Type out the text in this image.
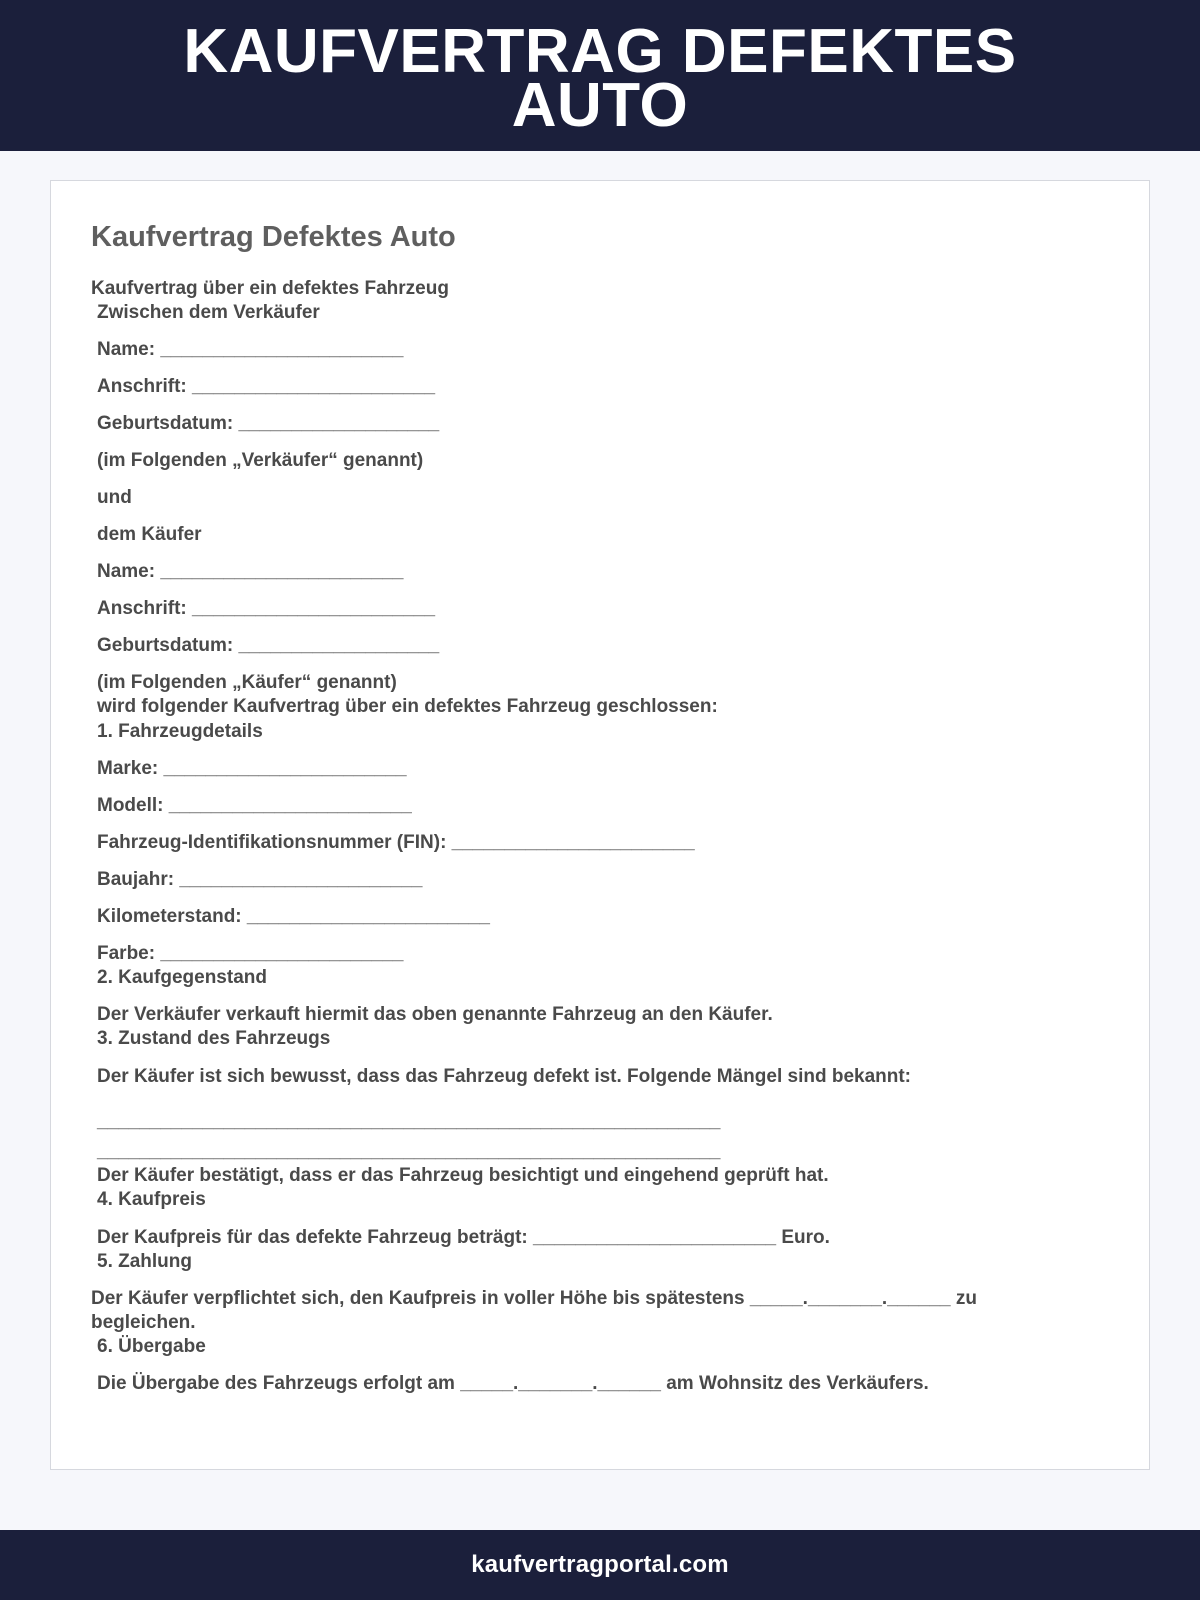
KAUFVERTRAG DEFEKTES AUTO
Kaufvertrag Defektes Auto
Kaufvertrag über ein defektes Fahrzeug
Zwischen dem Verkäufer
Name: _______________________
Anschrift: _______________________
Geburtsdatum: ___________________
(im Folgenden „Verkäufer“ genannt)
und
dem Käufer
Name: _______________________
Anschrift: _______________________
Geburtsdatum: ___________________
(im Folgenden „Käufer“ genannt)
wird folgender Kaufvertrag über ein defektes Fahrzeug geschlossen:
1. Fahrzeugdetails
Marke: _______________________
Modell: _______________________
Fahrzeug-Identifikationsnummer (FIN): _______________________
Baujahr: _______________________
Kilometerstand: _______________________
Farbe: _______________________
2. Kaufgegenstand
Der Verkäufer verkauft hiermit das oben genannte Fahrzeug an den Käufer.
3. Zustand des Fahrzeugs
Der Käufer ist sich bewusst, dass das Fahrzeug defekt ist. Folgende Mängel sind bekannt:
___________________________________________________________
___________________________________________________________
Der Käufer bestätigt, dass er das Fahrzeug besichtigt und eingehend geprüft hat.
4. Kaufpreis
Der Kaufpreis für das defekte Fahrzeug beträgt: _______________________ Euro.
5. Zahlung
Der Käufer verpflichtet sich, den Kaufpreis in voller Höhe bis spätestens _____._______.______ zu
begleichen.
6. Übergabe
Die Übergabe des Fahrzeugs erfolgt am _____._______.______ am Wohnsitz des Verkäufers.
kaufvertragportal.com
